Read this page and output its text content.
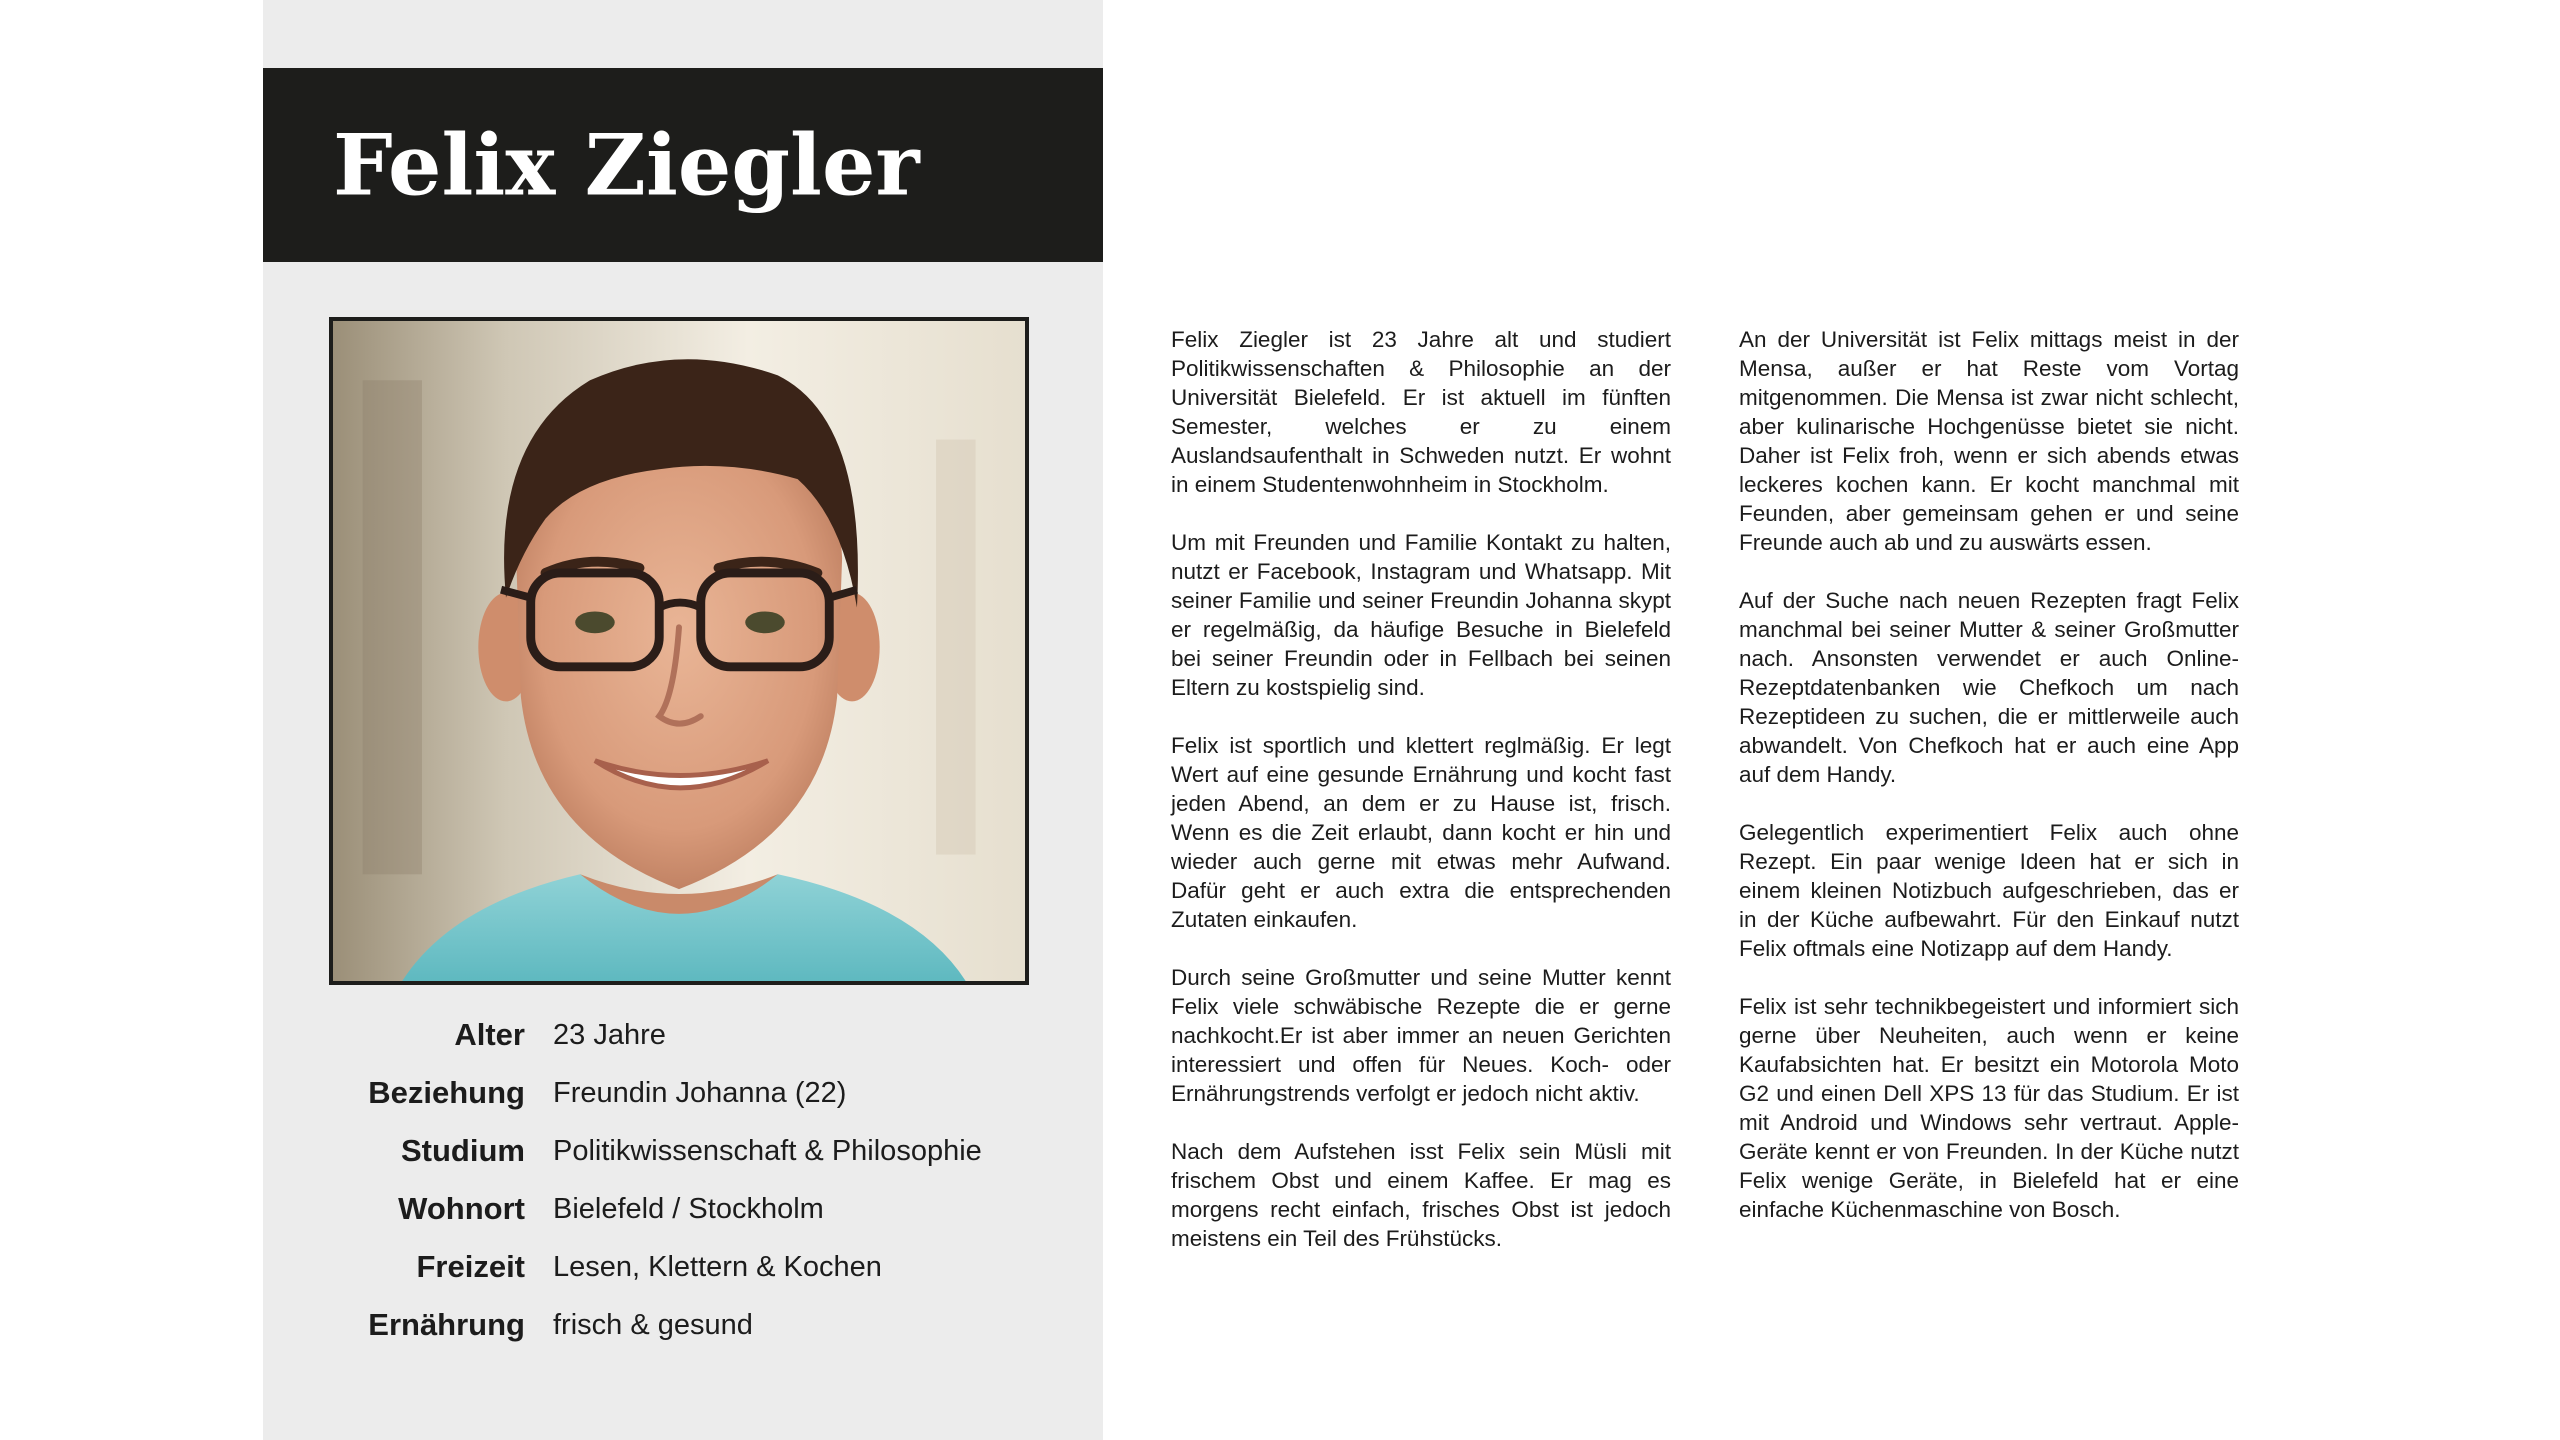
Felix Ziegler
Alter 23 Jahre
Beziehung Freundin Johanna (22)
Studium Politikwissenschaft & Philosophie
Wohnort Bielefeld / Stockholm
Freizeit Lesen, Klettern & Kochen
Ernährung frisch & gesund

Felix Ziegler ist 23 Jahre alt und studiert Politikwissenschaften & Philosophie an der Universität Bielefeld. Er ist aktuell im fünften Semester, welches er zu einem Auslandsaufenthalt in Schweden nutzt. Er wohnt in einem Studentenwohnheim in Stockholm.

Um mit Freunden und Familie Kontakt zu halten, nutzt er Facebook, Instagram und Whatsapp. Mit seiner Familie und seiner Freundin Johanna skypt er regelmäßig, da häufige Besuche in Bielefeld bei seiner Freundin oder in Fellbach bei seinen Eltern zu kostspielig sind.

Felix ist sportlich und klettert reglmäßig. Er legt Wert auf eine gesunde Ernährung und kocht fast jeden Abend, an dem er zu Hause ist, frisch. Wenn es die Zeit erlaubt, dann kocht er hin und wieder auch gerne mit etwas mehr Aufwand. Dafür geht er auch extra die entsprechenden Zutaten einkaufen.

Durch seine Großmutter und seine Mutter kennt Felix viele schwäbische Rezepte die er gerne nachkocht.Er ist aber immer an neuen Gerichten interessiert und offen für Neues. Koch- oder Ernährungstrends verfolgt er jedoch nicht aktiv.

Nach dem Aufstehen isst Felix sein Müsli mit frischem Obst und einem Kaffee. Er mag es morgens recht einfach, frisches Obst ist jedoch meistens ein Teil des Frühstücks.

An der Universität ist Felix mittags meist in der Mensa, außer er hat Reste vom Vortag mitgenommen. Die Mensa ist zwar nicht schlecht, aber kulinarische Hochgenüsse bietet sie nicht. Daher ist Felix froh, wenn er sich abends etwas leckeres kochen kann. Er kocht manchmal mit Feunden, aber gemeinsam gehen er und seine Freunde auch ab und zu auswärts essen.

Auf der Suche nach neuen Rezepten fragt Felix manchmal bei seiner Mutter & seiner Großmutter nach. Ansonsten verwendet er auch Online-Rezeptdatenbanken wie Chefkoch um nach Rezeptideen zu suchen, die er mittlerweile auch abwandelt. Von Chefkoch hat er auch eine App auf dem Handy.

Gelegentlich experimentiert Felix auch ohne Rezept. Ein paar wenige Ideen hat er sich in einem kleinen Notizbuch aufgeschrieben, das er in der Küche aufbewahrt. Für den Einkauf nutzt Felix oftmals eine Notizapp auf dem Handy.

Felix ist sehr technikbegeistert und informiert sich gerne über Neuheiten, auch wenn er keine Kaufabsichten hat. Er besitzt ein Motorola Moto G2 und einen Dell XPS 13 für das Studium. Er ist mit Android und Windows sehr vertraut. Apple-Geräte kennt er von Freunden. In der Küche nutzt Felix wenige Geräte, in Bielefeld hat er eine einfache Küchenmaschine von Bosch.
